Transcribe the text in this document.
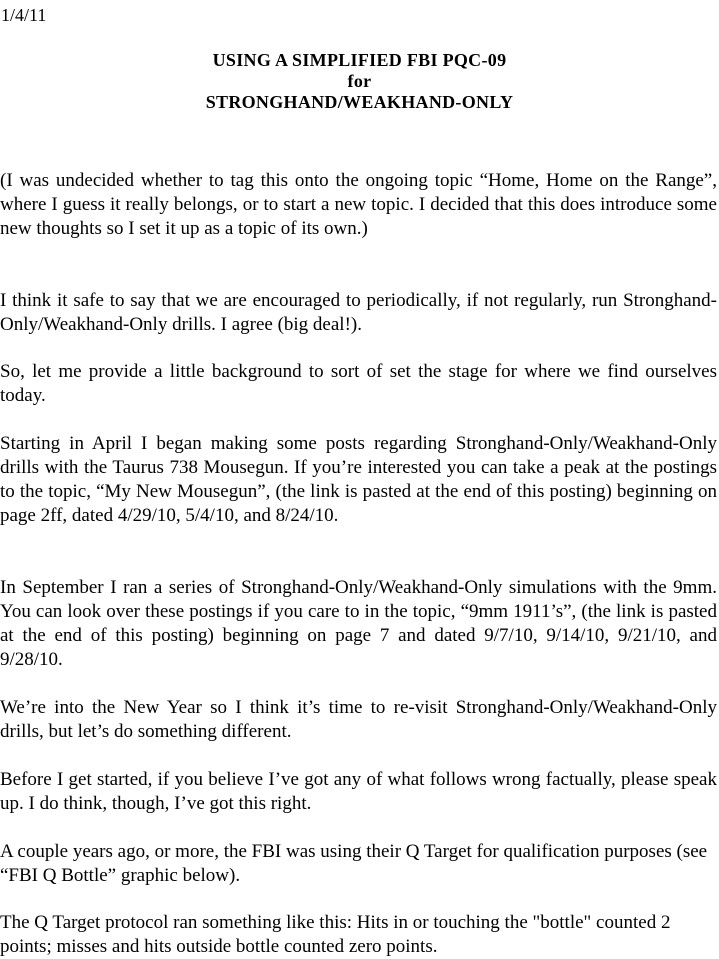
1/4/11

USING A SIMPLIFIED FBI PQC-09
for
STRONGHAND/WEAKHAND-ONLY

(I was undecided whether to tag this onto the ongoing topic “Home, Home on the Range”, where I guess it really belongs, or to start a new topic. I decided that this does introduce some new thoughts so I set it up as a topic of its own.)

I think it safe to say that we are encouraged to periodically, if not regularly, run Stronghand-Only/Weakhand-Only drills. I agree (big deal!).

So, let me provide a little background to sort of set the stage for where we find ourselves today.

Starting in April I began making some posts regarding Stronghand-Only/Weakhand-Only drills with the Taurus 738 Mousegun. If you’re interested you can take a peak at the postings to the topic, “My New Mousegun”, (the link is pasted at the end of this posting) beginning on page 2ff, dated 4/29/10, 5/4/10, and 8/24/10.

In September I ran a series of Stronghand-Only/Weakhand-Only simulations with the 9mm. You can look over these postings if you care to in the topic, “9mm 1911’s”, (the link is pasted at the end of this posting) beginning on page 7 and dated 9/7/10, 9/14/10, 9/21/10, and 9/28/10.

We’re into the New Year so I think it’s time to re-visit Stronghand-Only/Weakhand-Only drills, but let’s do something different.

Before I get started, if you believe I’ve got any of what follows wrong factually, please speak up. I do think, though, I’ve got this right.

A couple years ago, or more, the FBI was using their Q Target for qualification purposes (see “FBI Q Bottle” graphic below).

The Q Target protocol ran something like this: Hits in or touching the "bottle" counted 2 points; misses and hits outside bottle counted zero points.
